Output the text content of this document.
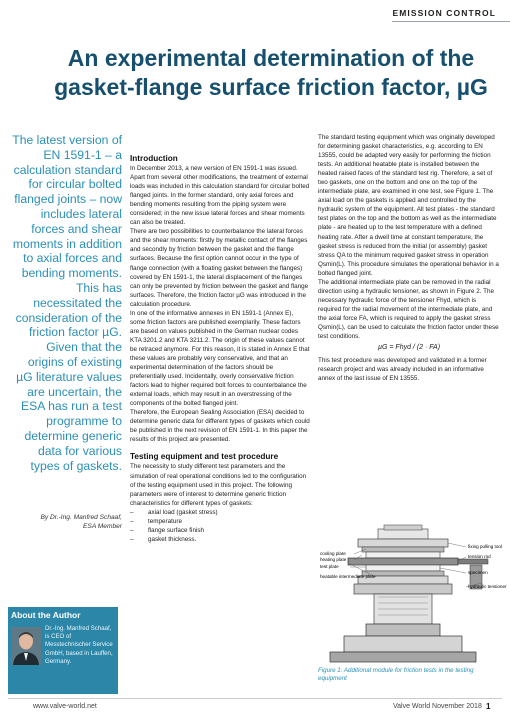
EMISSION CONTROL
An experimental determination of the gasket-flange surface friction factor, µG
The latest version of EN 1591-1 – a calculation standard for circular bolted flanged joints – now includes lateral forces and shear moments in addition to axial forces and bending moments. This has necessitated the consideration of the friction factor µG. Given that the origins of existing µG literature values are uncertain, the ESA has run a test programme to determine generic data for various types of gaskets.
By Dr.-Ing. Manfred Schaaf,
ESA Member
Introduction

In December 2013, a new version of EN 1591-1 was issued. Apart from several other modifications, the treatment of external loads was included in this calculation standard for circular bolted flanged joints. In the former standard, only axial forces and bending moments resulting from the piping system were considered; in the new issue lateral forces and shear moments can also be treated.

There are two possibilities to counterbalance the lateral forces and the shear moments: firstly by metallic contact of the flanges and secondly by friction between the gasket and the flange surfaces. Because the first option cannot occur in the type of flange connection (with a floating gasket between the flanges) covered by EN 1591-1, the lateral displacement of the flanges can only be prevented by friction between the gasket and flange surfaces. Therefore, the friction factor µG was introduced in the calculation procedure.

In one of the informative annexes in EN 1591-1 (Annex E), some friction factors are published exemplarily. These factors are based on values published in the German nuclear codes KTA 3201.2 and KTA 3211.2. The origin of these values cannot be retraced anymore. For this reason, it is stated in Annex E that these values are probably very conservative, and that an experimental determination of the factors should be preferentially used. Incidentally, overly conservative friction factors lead to higher required bolt forces to counterbalance the external loads, which may result in an overstressing of the components of the bolted flanged joint.

Therefore, the European Sealing Association (ESA) decided to determine generic data for different types of gaskets which could be published in the next revision of EN 1591-1. In this paper the results of this project are presented.

Testing equipment and test procedure

The necessity to study different test parameters and the simulation of real operational conditions led to the configuration of the testing equipment used in this project. The following parameters were of interest to determine generic friction characteristics for different types of gaskets:

– axial load (gasket stress)
– temperature
– flange surface finish
– gasket thickness.

The standard testing equipment which was originally developed for determining gasket characteristics, e.g. according to EN 13555, could be adapted very easily for performing the friction tests. An additional heatable plate is installed between the heated raised faces of the standard test rig. Therefore, a set of two gaskets, one on the bottom and one on the top of the intermediate plate, are examined in one test, see Figure 1. The axial load on the gaskets is applied and controlled by the hydraulic system of the equipment. All test plates - the standard test plates on the top and the bottom as well as the intermediate plate - are heated up to the test temperature with a defined heating rate. After a dwell time at constant temperature, the gasket stress is reduced from the initial (or assembly) gasket stress QA to the minimum required gasket stress in operation Qsmin(L). This procedure simulates the operational behavior in a bolted flanged joint.

The additional intermediate plate can be removed in the radial direction using a hydraulic tensioner, as shown in Figure 2. The necessary hydraulic force of the tensioner Fhyd, which is required for the radial movement of the intermediate plate, and the axial force FA, which is required to apply the gasket stress Qsmin(L), can be used to calculate the friction factor under these test conditions.

µG = Fhyd / (2 · FA)

This test procedure was developed and validated in a former research project and was already included in an informative annex of the last issue of EN 13555.

cooling plate
heating plate
test plate
heatable intermediate plate
fixing pulling tool
tension rod
specimen
hydraulic tensioner
Figure 1: Additional module for friction tests in the testing equipment
About the Author
Dr.-Ing. Manfred Schaaf, is CEO of Messtechnischer Service GmbH, based in Lauffen, Germany.
www.valve-world.net	Valve World November 2018 1
